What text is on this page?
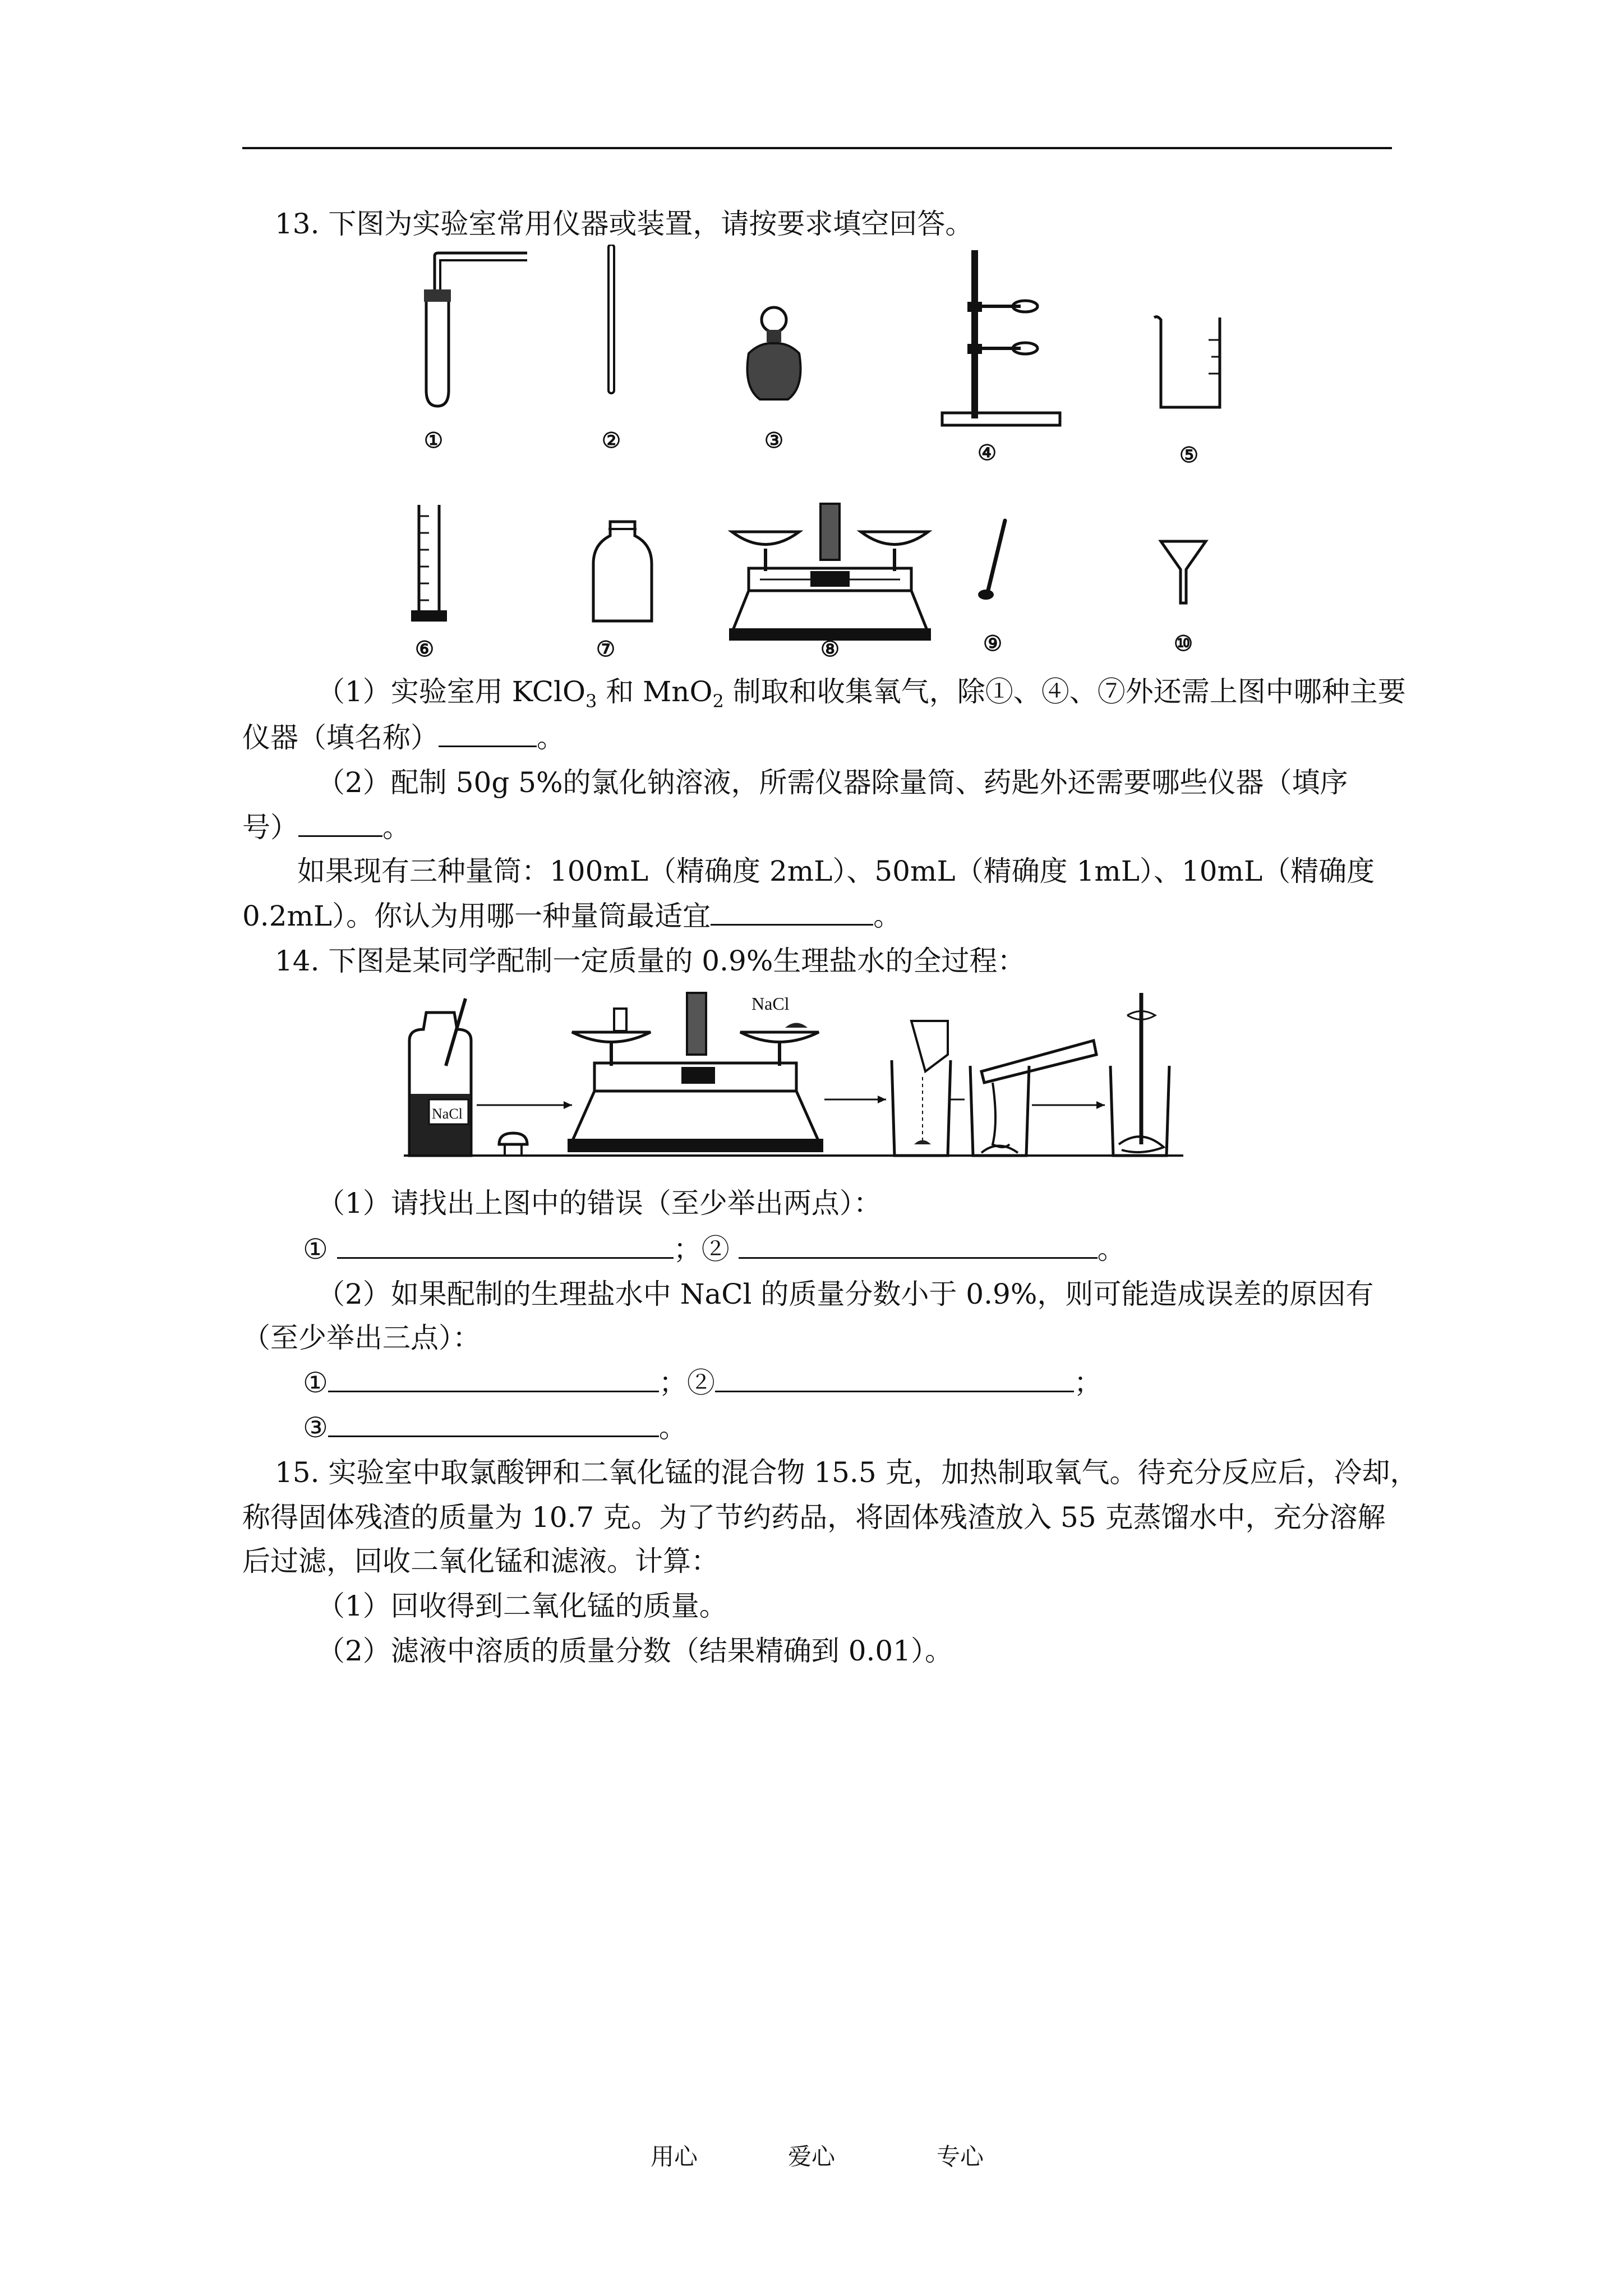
13. 下图为实验室常用仪器或装置，请按要求填空回答。
①	②	③	④	⑤
⑥	⑦	⑧	⑨	⑩
（1）实验室用 KClO$_3$ 和 MnO$_2$ 制取和收集氧气，除①、④、⑦外还需上图中哪种主要
仪器（填名称）	。
（2）配制 50g 5%的氯化钠溶液，所需仪器除量筒、药匙外还需要哪些仪器（填序
号）	。
如果现有三种量筒：100mL（精确度 2mL）、50mL（精确度 1mL）、10mL（精确度
0.2mL）。你认为用哪一种量筒最适宜	。
14. 下图是某同学配制一定质量的 0.9%生理盐水的全过程：
NaCl
NaCl
（1）请找出上图中的错误（至少举出两点）：
①	；②	。
（2）如果配制的生理盐水中 NaCl 的质量分数小于 0.9%，则可能造成误差的原因有
（至少举出三点）：
①	；②	；
③	。
15. 实验室中取氯酸钾和二氧化锰的混合物 15.5 克，加热制取氧气。待充分反应后，冷却，
称得固体残渣的质量为 10.7 克。为了节约药品，将固体残渣放入 55 克蒸馏水中，充分溶解
后过滤，回收二氧化锰和滤液。计算：
（1）回收得到二氧化锰的质量。
（2）滤液中溶质的质量分数（结果精确到 0.01）。
用心	爱心	专心
